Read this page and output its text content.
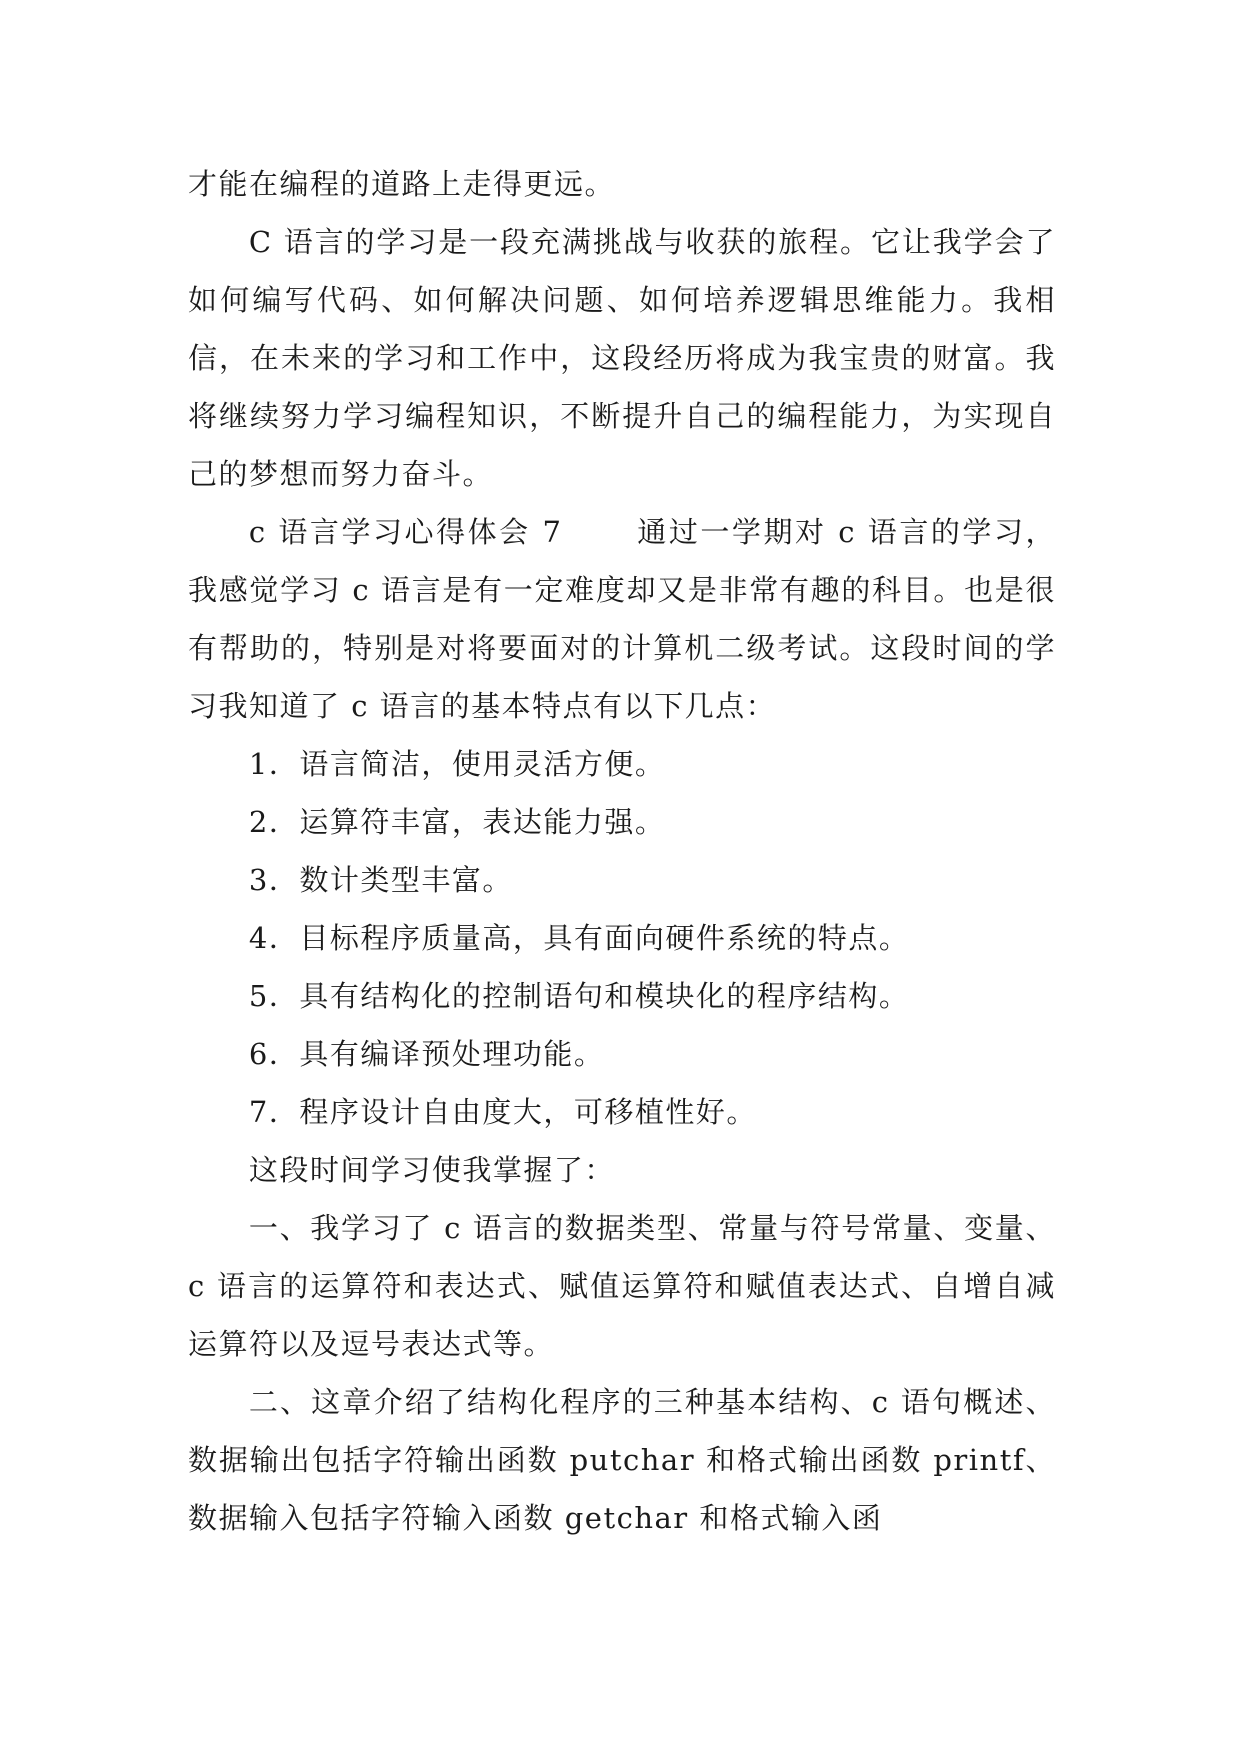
才能在编程的道路上走得更远。

C 语言的学习是一段充满挑战与收获的旅程。它让我学会了如何编写代码、如何解决问题、如何培养逻辑思维能力。我相信，在未来的学习和工作中，这段经历将成为我宝贵的财富。我将继续努力学习编程知识，不断提升自己的编程能力，为实现自己的梦想而努力奋斗。

c 语言学习心得体会 7 　　通过一学期对 c 语言的学习，我感觉学习 c 语言是有一定难度却又是非常有趣的科目。也是很有帮助的，特别是对将要面对的计算机二级考试。这段时间的学习我知道了 c 语言的基本特点有以下几点：

1．语言简洁，使用灵活方便。

2．运算符丰富，表达能力强。

3．数计类型丰富。

4．目标程序质量高，具有面向硬件系统的特点。

5．具有结构化的控制语句和模块化的程序结构。

6．具有编译预处理功能。

7．程序设计自由度大，可移植性好。

这段时间学习使我掌握了：

一、我学习了 c 语言的数据类型、常量与符号常量、变量、c 语言的运算符和表达式、赋值运算符和赋值表达式、自增自减运算符以及逗号表达式等。

二、这章介绍了结构化程序的三种基本结构、c 语句概述、数据输出包括字符输出函数 putchar 和格式输出函数 printf、数据输入包括字符输入函数 getchar 和格式输入函
